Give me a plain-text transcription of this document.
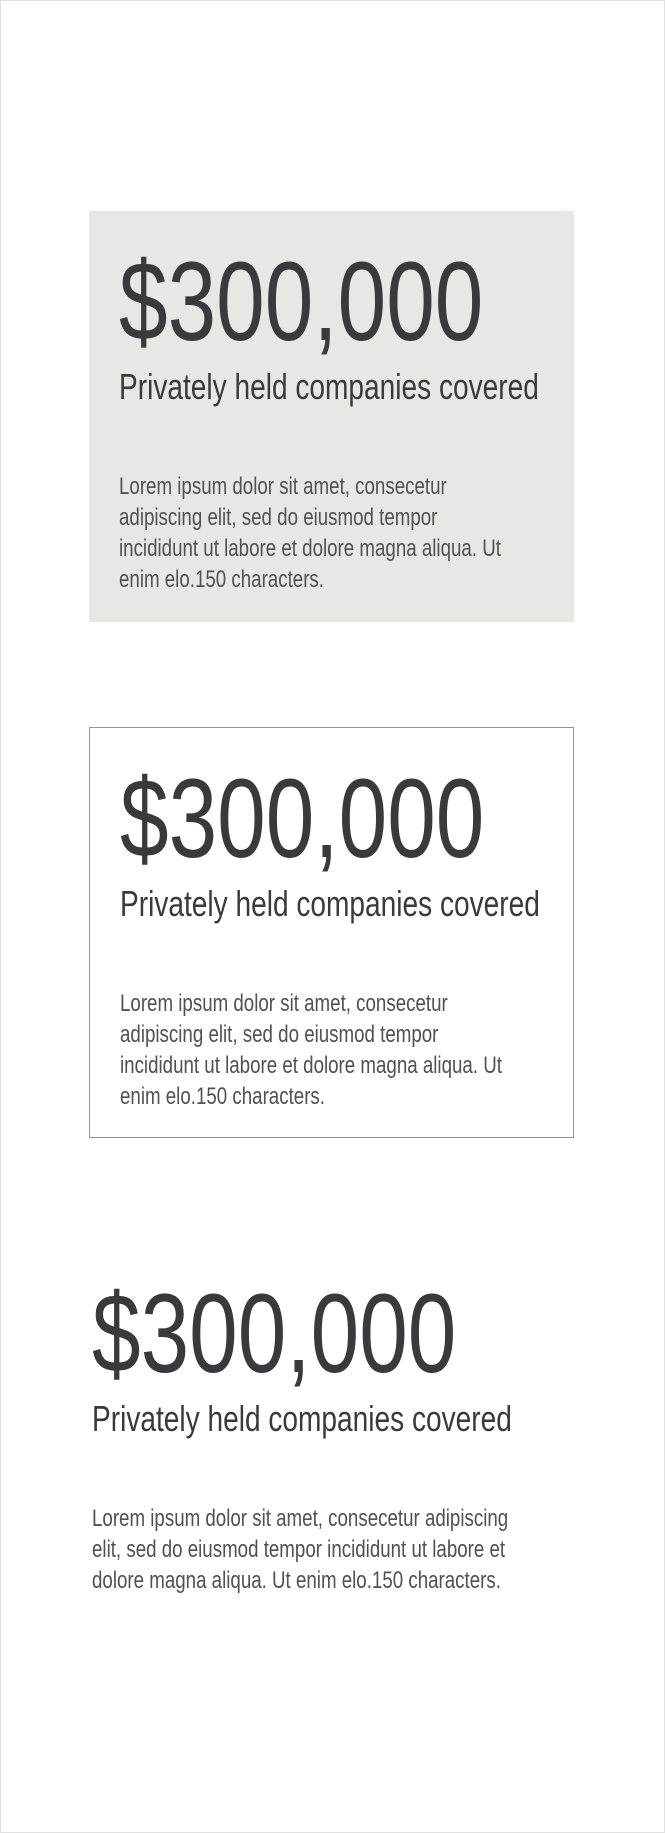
$300,000
Privately held companies covered
Lorem ipsum dolor sit amet, consecetur
adipiscing elit, sed do eiusmod tempor
incididunt ut labore et dolore magna aliqua. Ut
enim elo.150 characters.
$300,000
Privately held companies covered
Lorem ipsum dolor sit amet, consecetur
adipiscing elit, sed do eiusmod tempor
incididunt ut labore et dolore magna aliqua. Ut
enim elo.150 characters.
$300,000
Privately held companies covered
Lorem ipsum dolor sit amet, consecetur adipiscing
elit, sed do eiusmod tempor incididunt ut labore et
dolore magna aliqua. Ut enim elo.150 characters.
